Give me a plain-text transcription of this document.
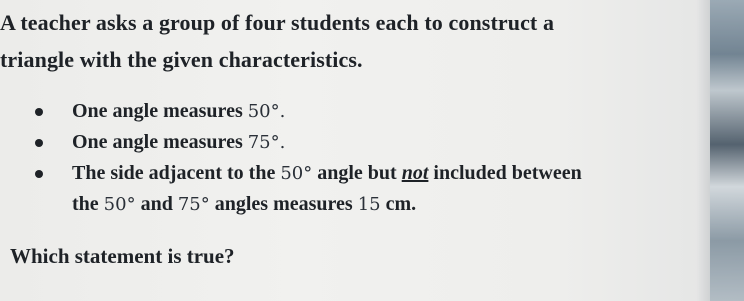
A teacher asks a group of four students each to construct a

triangle with the given characteristics.

One angle measures 50°.
One angle measures 75°.
The side adjacent to the 50° angle but not included between
the 50° and 75° angles measures 15 cm.
Which statement is true?
